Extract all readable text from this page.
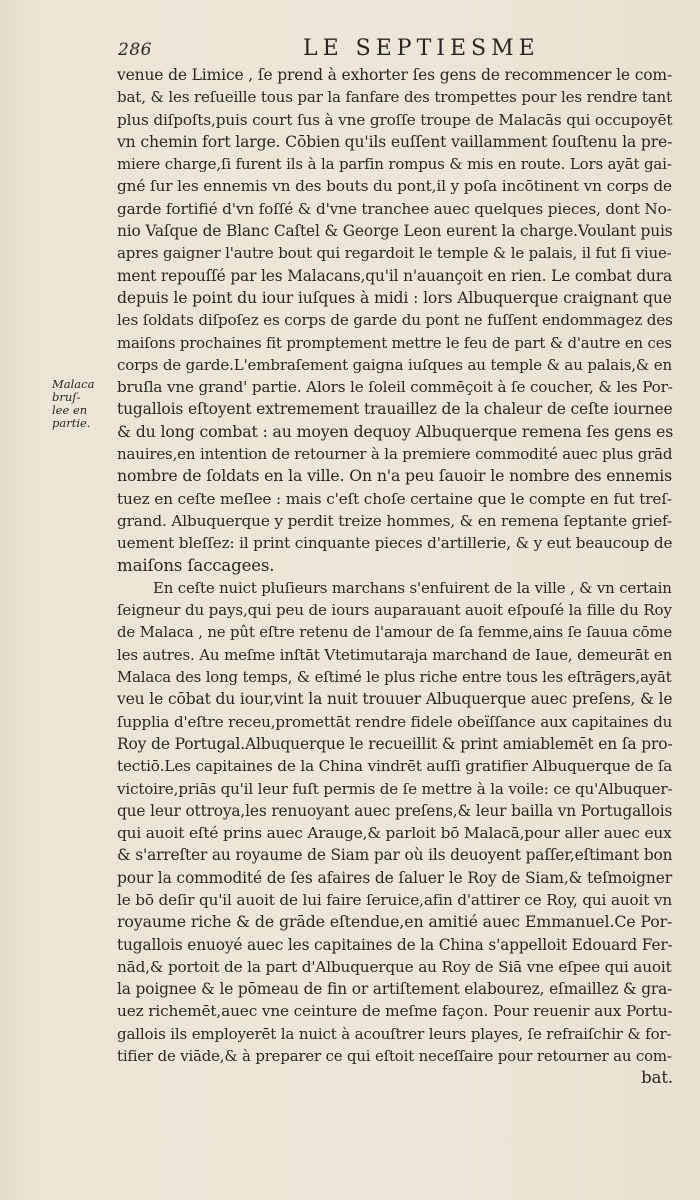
286	LE SEPTIESME
Malaca bruſ-
lee en partie.
venue de Limice , ſe prend à exhorter ſes gens de recommencer le com-
bat, & les reſueille tous par la fanfare des trompettes pour les rendre tant
plus diſpoſts,puis court ſus à vne groſſe troupe de Malacās qui occupoyēt
vn chemin fort large. Cōbien qu'ils euſſent vaillamment ſouſtenu la pre-
miere charge,ſi furent ils à la parfin rompus & mis en route. Lors ayāt gai-
gné ſur les ennemis vn des bouts du pont,il y poſa incōtinent vn corps de
garde fortifié d'vn foſſé & d'vne tranchee auec quelques pieces, dont No-
nio Vaſque de Blanc Caſtel & George Leon eurent la charge.Voulant puis
apres gaigner l'autre bout qui regardoit le temple & le palais, il fut ſi viue-
ment repouſſé par les Malacans,qu'il n'auançoit en rien. Le combat dura
depuis le point du iour iuſques à midi : lors Albuquerque craignant que
les ſoldats diſpoſez es corps de garde du pont ne fuſſent endommagez des
maiſons prochaines fit promptement mettre le feu de part & d'autre en ces
corps de garde.L'embraſement gaigna iuſques au temple & au palais,& en
bruſla vne grand' partie. Alors le ſoleil commēçoit à ſe coucher, & les Por-
tugallois eſtoyent extremement trauaillez de la chaleur de ceſte iournee
& du long combat : au moyen dequoy Albuquerque remena ſes gens es
nauires,en intention de retourner à la premiere commodité auec plus grād
nombre de ſoldats en la ville. On n'a peu ſauoir le nombre des ennemis
tuez en ceſte meſlee : mais c'eſt choſe certaine que le compte en fut treſ-
grand. Albuquerque y perdit treize hommes, & en remena ſeptante grief-
uement bleſſez: il print cinquante pieces d'artillerie, & y eut beaucoup de
maiſons ſaccagees.
En ceſte nuict pluſieurs marchans s'enfuirent de la ville , & vn certain
ſeigneur du pays,qui peu de iours auparauant auoit eſpouſé la fille du Roy
de Malaca , ne pût eſtre retenu de l'amour de ſa femme,ains ſe ſauua cōme
les autres. Au meſme inſtāt Vtetimutaraja marchand de Iaue, demeurāt en
Malaca des long temps, & eſtimé le plus riche entre tous les eſtrāgers,ayāt
veu le cōbat du iour,vint la nuit trouuer Albuquerque auec preſens, & le
ſupplia d'eſtre receu,promettāt rendre fidele obeïſſance aux capitaines du
Roy de Portugal.Albuquerque le recueillit & print amiablemēt en ſa pro-
tectiō.Les capitaines de la China vindrēt auſſi gratifier Albuquerque de ſa
victoire,priās qu'il leur fuſt permis de ſe mettre à la voile: ce qu'Albuquer-
que leur ottroya,les renuoyant auec preſens,& leur bailla vn Portugallois
qui auoit eſté prins auec Arauge,& parloit bō Malacā,pour aller auec eux
& s'arreſter au royaume de Siam par où ils deuoyent paſſer,eſtimant bon
pour la commodité de ſes afaires de ſaluer le Roy de Siam,& teſmoigner
le bō deſir qu'il auoit de lui faire ſeruice,afin d'attirer ce Roy, qui auoit vn
royaume riche & de grāde eſtendue,en amitié auec Emmanuel.Ce Por-
tugallois enuoyé auec les capitaines de la China s'appelloit Edouard Fer-
nād,& portoit de la part d'Albuquerque au Roy de Siā vne eſpee qui auoit
la poignee & le pōmeau de fin or artiſtement elabourez, eſmaillez & gra-
uez richemēt,auec vne ceinture de meſme façon. Pour reuenir aux Portu-
gallois ils employerēt la nuict à acouſtrer leurs playes, ſe refraiſchir & for-
tifier de viāde,& à preparer ce qui eſtoit neceſſaire pour retourner au com-
bat.
